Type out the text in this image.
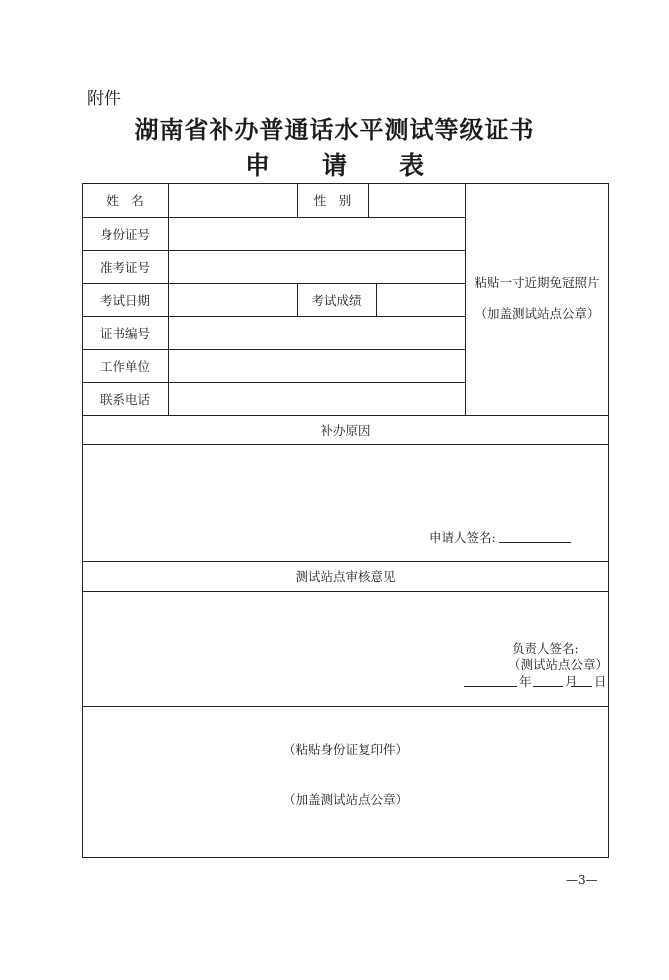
附件
湖南省补办普通话水平测试等级证书
申 请 表
姓　名	性　别
身份证号
准考证号
考试日期	考试成绩
证书编号
工作单位
联系电话
粘贴一寸近期免冠照片
（加盖测试站点公章）
补办原因
申请人签名:
测试站点审核意见
负责人签名:
（测试站点公章）
年	月 日
（粘贴身份证复印件）
（加盖测试站点公章）
—3—
